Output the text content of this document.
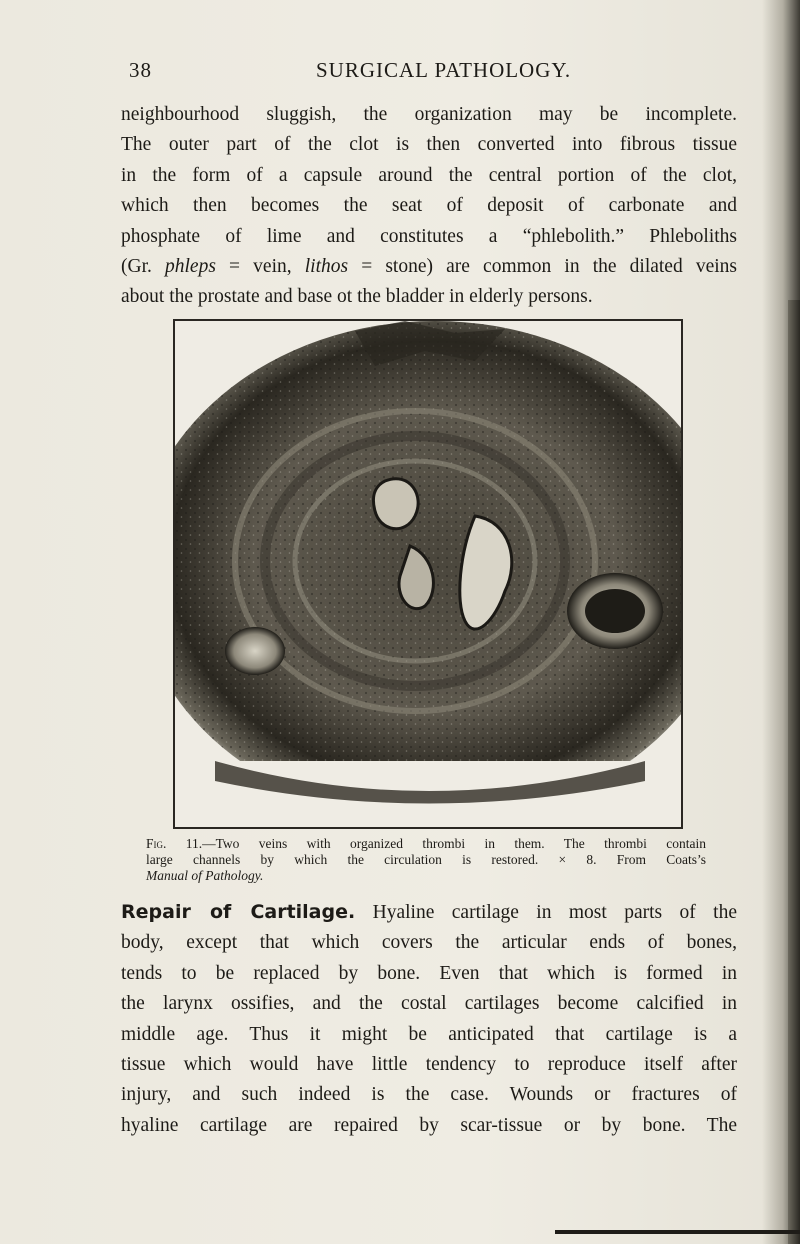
38	SURGICAL PATHOLOGY.
neighbourhood sluggish, the organization may be incomplete.
The outer part of the clot is then converted into fibrous tissue
in the form of a capsule around the central portion of the clot,
which then becomes the seat of deposit of carbonate and
phosphate of lime and constitutes a “phlebolith.” Phleboliths
(Gr. phleps = vein, lithos = stone) are common in the dilated veins
about the prostate and base ot the bladder in elderly persons.
Fig. 11.—Two veins with organized thrombi in them. The thrombi contain
large channels by which the circulation is restored. × 8. From Coats’s
Manual of Pathology.
Repair of Cartilage. Hyaline cartilage in most parts of the
body, except that which covers the articular ends of bones,
tends to be replaced by bone. Even that which is formed in
the larynx ossifies, and the costal cartilages become calcified in
middle age. Thus it might be anticipated that cartilage is a
tissue which would have little tendency to reproduce itself after
injury, and such indeed is the case. Wounds or fractures of
hyaline cartilage are repaired by scar-tissue or by bone. The
